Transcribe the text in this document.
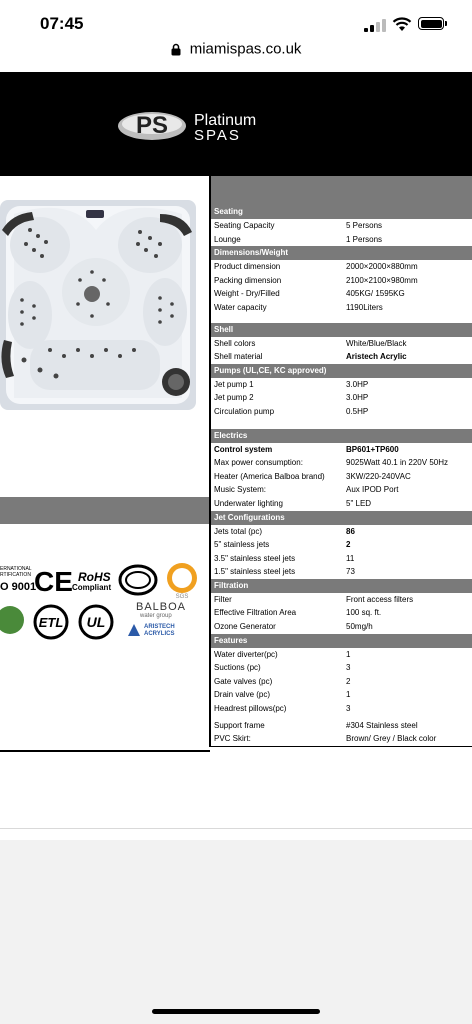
07:45
miamispas.co.uk
PS Platinum
SPAS
ERNATIONAL
RTIFICATION
O 9001
CE RoHS
Compliant
SGS
ETL UL
BALBOA
water group
ARISTECH
ACRYLICS
Seating
Seating Capacity	5 Persons
Lounge	1 Persons
Dimensions/Weight
Product dimension	2000×2000×880mm
Packing dimension	2100×2100×980mm
Weight - Dry/Filled	405KG/ 1595KG
Water capacity	1190Liters
Shell
Shell colors	White/Blue/Black
Shell material	Aristech Acrylic
Pumps (UL,CE, KC approved)
Jet pump 1	3.0HP
Jet pump 2	3.0HP
Circulation pump	0.5HP
Electrics
Control system	BP601+TP600
Max power consumption:	9025Watt 40.1 in 220V 50Hz
Heater (America Balboa brand)	3KW/220-240VAC
Music System:	Aux IPOD Port
Underwater lighting	5" LED
Jet Configurations
Jets total (pc)	86
5" stainless jets	2
3.5" stainless steel jets	11
1.5" stainless steel jets	73
Filtration
Filter	Front access filters
Effective Filtration Area	100 sq. ft.
Ozone Generator	50mg/h
Features
Water diverter(pc)	1
Suctions (pc)	3
Gate valves (pc)	2
Drain valve (pc)	1
Headrest pillows(pc)	3
Support frame	#304 Stainless steel
PVC Skirt:	Brown/ Grey / Black color
